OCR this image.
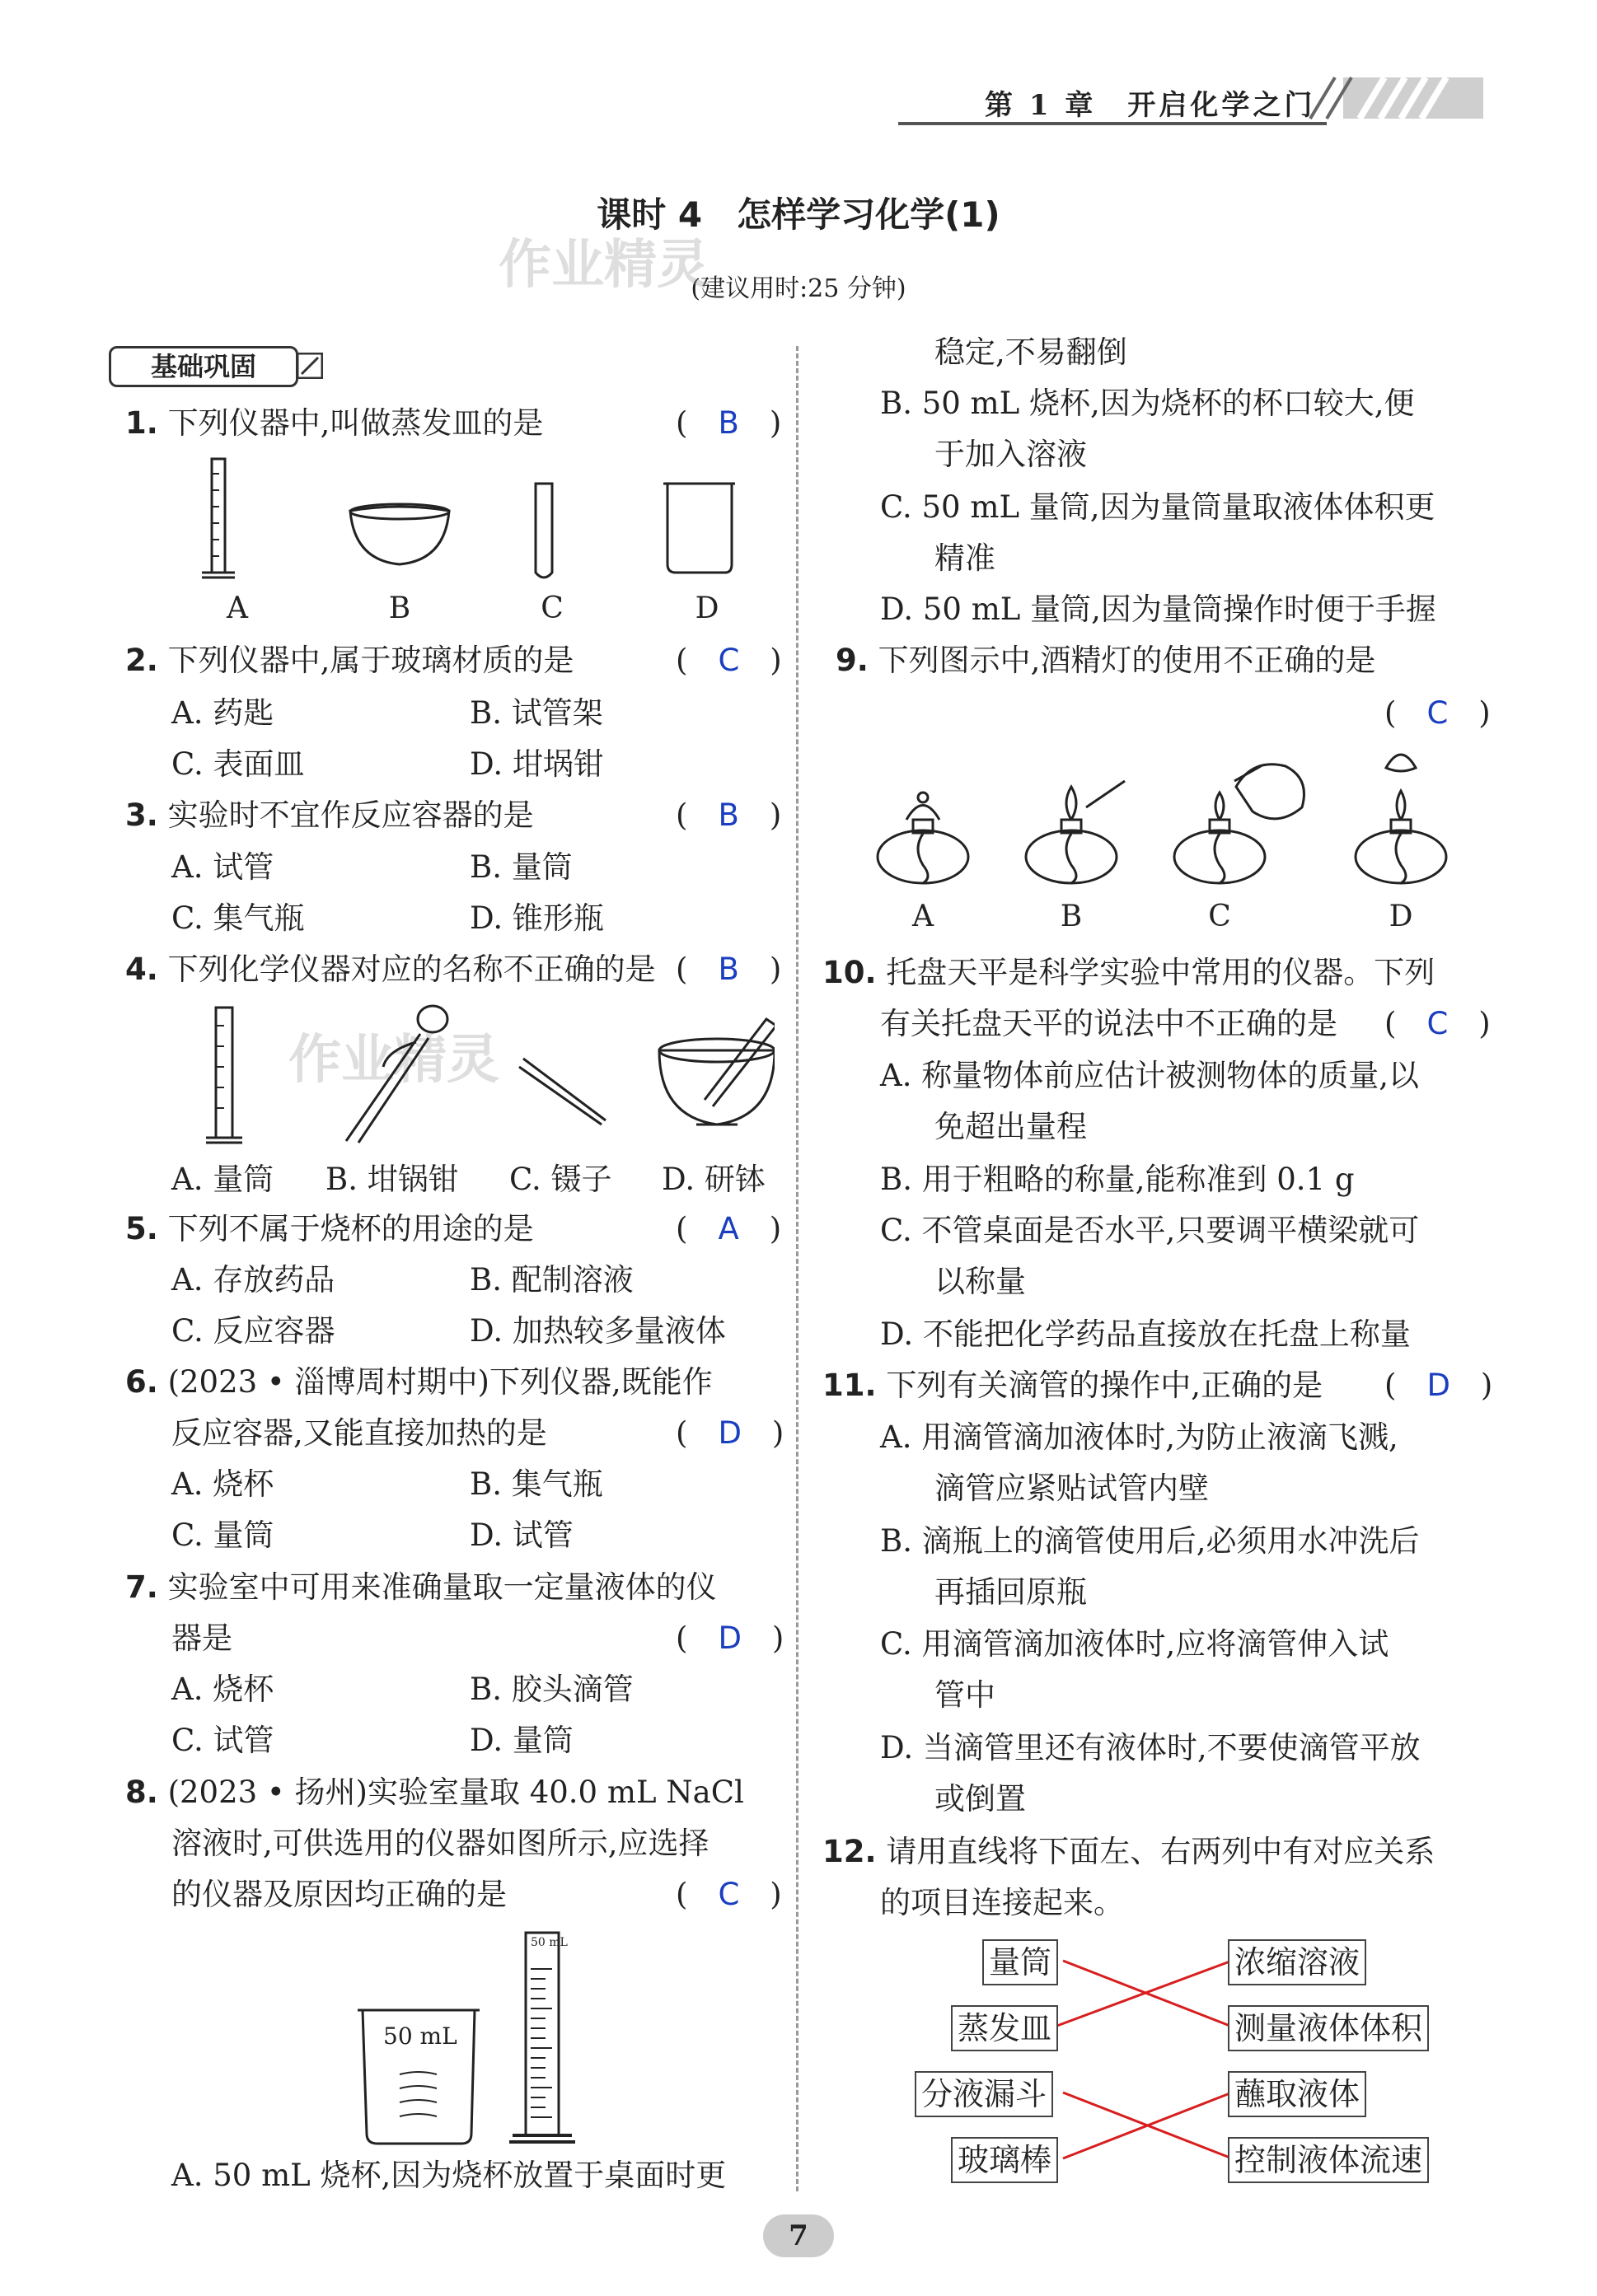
第 1 章　开启化学之门
课时 4　怎样学习化学(1)
(建议用时:25 分钟)
作业精灵
作业精灵
基础巩固
1. 下列仪器中,叫做蒸发皿的是	(　B　)
A	B	C	D
2. 下列仪器中,属于玻璃材质的是	(　C　)
A. 药匙	B. 试管架
C. 表面皿	D. 坩埚钳
3. 实验时不宜作反应容器的是	(　B　)
A. 试管	B. 量筒
C. 集气瓶	D. 锥形瓶
4. 下列化学仪器对应的名称不正确的是 (　B　)
A. 量筒 B. 坩锅钳 C. 镊子 D. 研钵
5. 下列不属于烧杯的用途的是	(　A　)
A. 存放药品	B. 配制溶液
C. 反应容器	D. 加热较多量液体
6. (2023 • 淄博周村期中)下列仪器,既能作
反应容器,又能直接加热的是	(　D　)
A. 烧杯	B. 集气瓶
C. 量筒	D. 试管
7. 实验室中可用来准确量取一定量液体的仪
器是	(　D　)
A. 烧杯	B. 胶头滴管
C. 试管	D. 量筒
8. (2023 • 扬州)实验室量取 40.0 mL NaCl
溶液时,可供选用的仪器如图所示,应选择
的仪器及原因均正确的是	(　C　)
50 mL
50 mL
A. 50 mL 烧杯,因为烧杯放置于桌面时更
稳定,不易翻倒
B. 50 mL 烧杯,因为烧杯的杯口较大,便
于加入溶液
C. 50 mL 量筒,因为量筒量取液体体积更
精准
D. 50 mL 量筒,因为量筒操作时便于手握
9. 下列图示中,酒精灯的使用不正确的是
(　C　)
A	B	C	D
10. 托盘天平是科学实验中常用的仪器。下列
有关托盘天平的说法中不正确的是 (　C　)
A. 称量物体前应估计被测物体的质量,以
免超出量程
B. 用于粗略的称量,能称准到 0.1 g
C. 不管桌面是否水平,只要调平横梁就可
以称量
D. 不能把化学药品直接放在托盘上称量
11. 下列有关滴管的操作中,正确的是 (　D　)
A. 用滴管滴加液体时,为防止液滴飞溅,
滴管应紧贴试管内壁
B. 滴瓶上的滴管使用后,必须用水冲洗后
再插回原瓶
C. 用滴管滴加液体时,应将滴管伸入试
管中
D. 当滴管里还有液体时,不要使滴管平放
或倒置
12. 请用直线将下面左、右两列中有对应关系
的项目连接起来。
量筒
蒸发皿
分液漏斗
玻璃棒
浓缩溶液
测量液体体积
蘸取液体
控制液体流速
7
